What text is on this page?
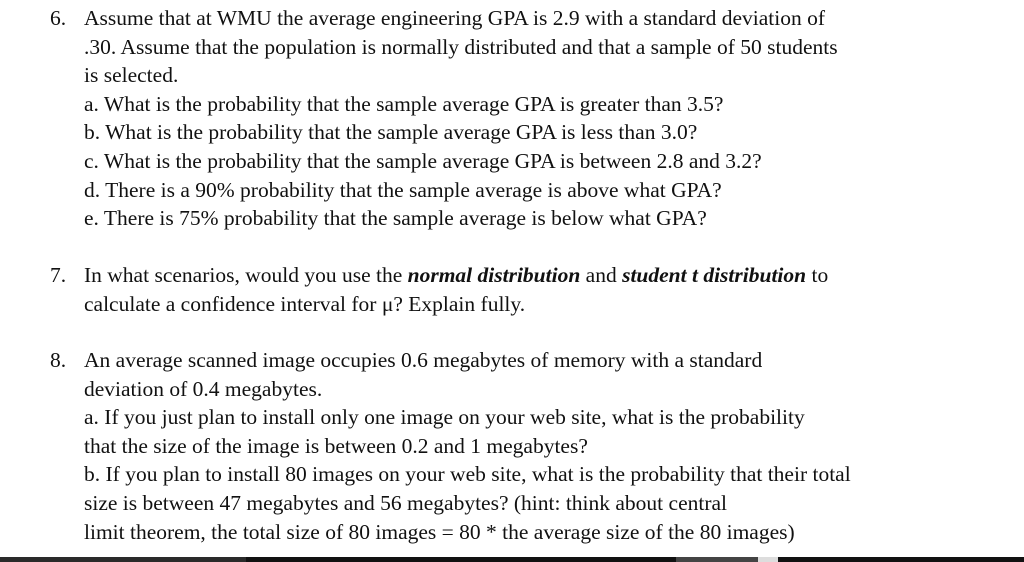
6. Assume that at WMU the average engineering GPA is 2.9 with a standard deviation of
.30. Assume that the population is normally distributed and that a sample of 50 students
is selected.
a. What is the probability that the sample average GPA is greater than 3.5?
b. What is the probability that the sample average GPA is less than 3.0?
c. What is the probability that the sample average GPA is between 2.8 and 3.2?
d. There is a 90% probability that the sample average is above what GPA?
e. There is 75% probability that the sample average is below what GPA?
7. In what scenarios, would you use the normal distribution and student t distribution to
calculate a confidence interval for μ? Explain fully.
8. An average scanned image occupies 0.6 megabytes of memory with a standard
deviation of 0.4 megabytes.
a. If you just plan to install only one image on your web site, what is the probability
that the size of the image is between 0.2 and 1 megabytes?
b. If you plan to install 80 images on your web site, what is the probability that their total
size is between 47 megabytes and 56 megabytes? (hint: think about central
limit theorem, the total size of 80 images = 80 * the average size of the 80 images)
